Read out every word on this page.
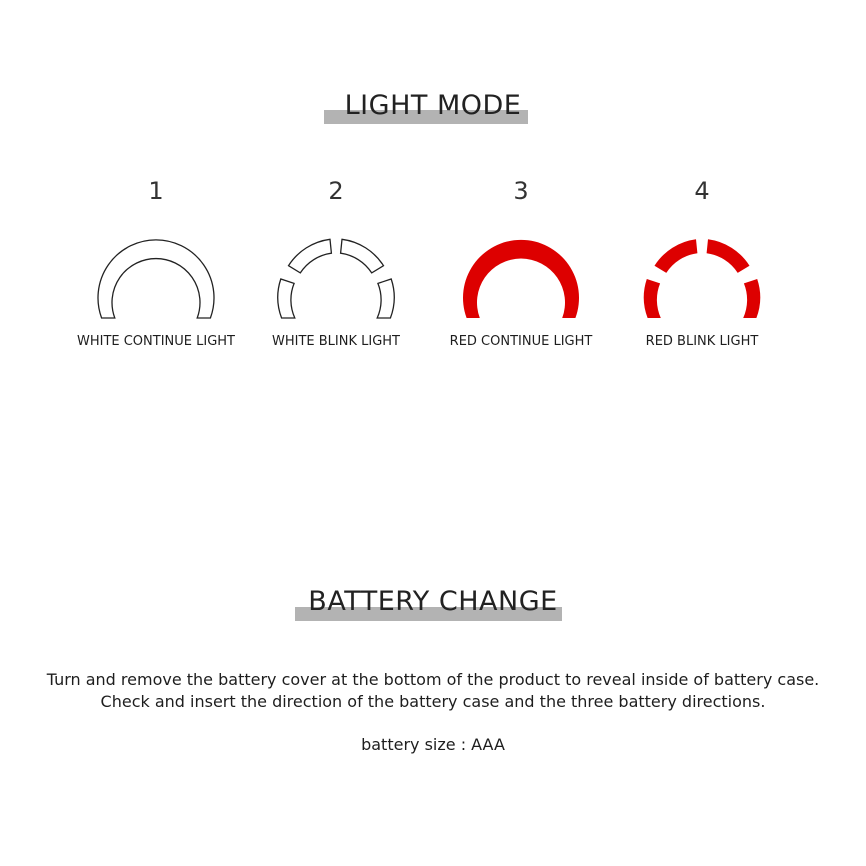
LIGHT MODE
1
WHITE CONTINUE LIGHT
2
WHITE BLINK LIGHT
3
RED CONTINUE LIGHT
4
RED BLINK LIGHT
BATTERY CHANGE
Turn and remove the battery cover at the bottom of the product to reveal inside of battery case.
Check and insert the direction of the battery case and the three battery directions.
battery size : AAA
